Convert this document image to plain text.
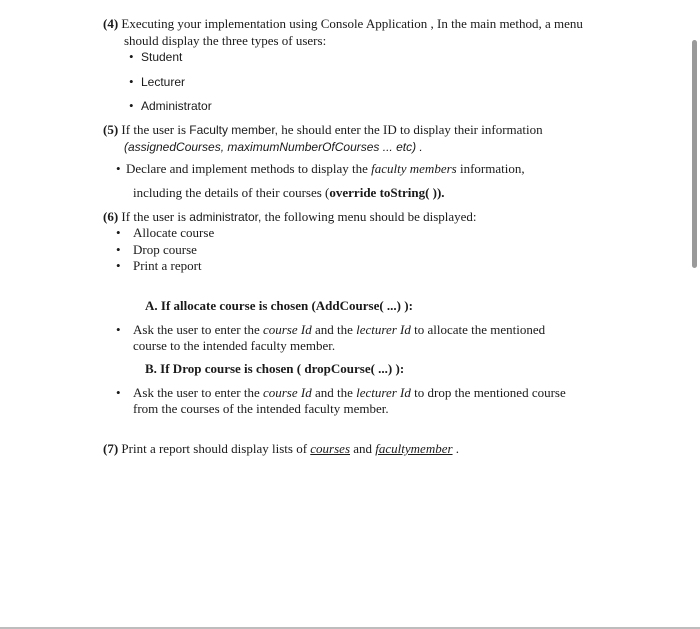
(4) Executing your implementation using Console Application , In the main method, a menu
should display the three types of users:
• Student
• Lecturer
• Administrator
(5) If the user is Faculty member, he should enter the ID to display their information
(assignedCourses, maximumNumberOfCourses ... etc) .
• Declare and implement methods to display the faculty members information,
including the details of their courses (override toString( )).
(6) If the user is administrator, the following menu should be displayed:
• Allocate course
• Drop course
• Print a report
A. If allocate course is chosen (AddCourse( ...) ):
• Ask the user to enter the course Id and the lecturer Id to allocate the mentioned
course to the intended faculty member.
B. If Drop course is chosen ( dropCourse( ...) ):
• Ask the user to enter the course Id and the lecturer Id to drop the mentioned course
from the courses of the intended faculty member.
(7) Print a report should display lists of courses and facultymember .
